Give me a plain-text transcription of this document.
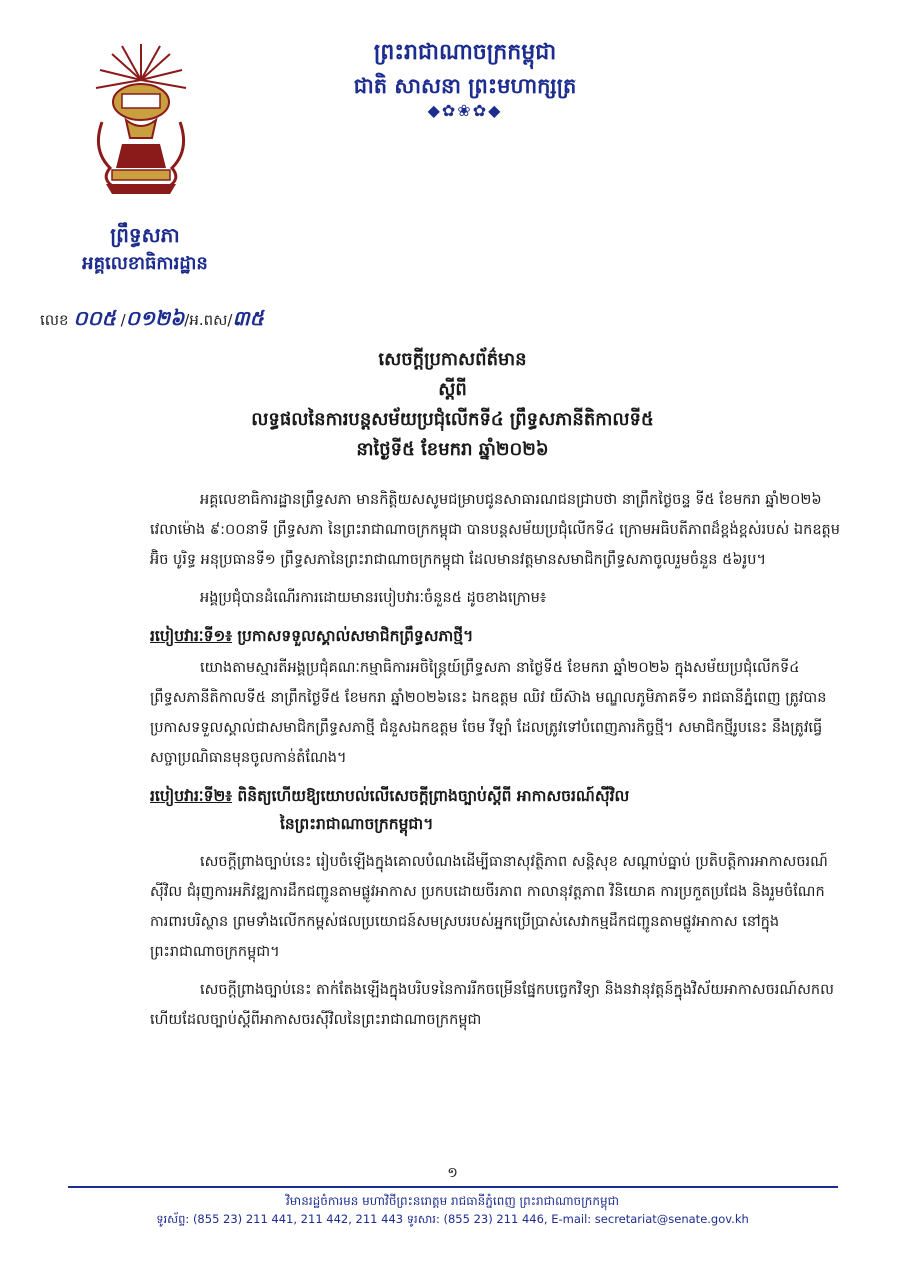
ព្រះរាជាណាចក្រកម្ពុជា
ជាតិ សាសនា ព្រះមហាក្សត្រ
◆✿❀✿◆
ព្រឹទ្ធសភា
អគ្គលេខាធិការដ្ឋាន
លេខ ០០៥ /០១២៦/អ.ពស/៣៥
សេចក្តីប្រកាសព័ត៌មាន
ស្តីពី
លទ្ធផលនៃការបន្តសម័យប្រជុំលើកទី៤ ព្រឹទ្ធសភានីតិកាលទី៥
នាថ្ងៃទី៥ ខែមករា ឆ្នាំ២០២៦

អគ្គលេខាធិការដ្ឋានព្រឹទ្ធសភា មានកិត្តិយសសូមជម្រាបជូនសាធារណជនជ្រាបថា នាព្រឹកថ្ងៃចន្ទ ទី៥ ខែមករា ឆ្នាំ២០២៦ វេលាម៉ោង ៩:០០នាទី ព្រឹទ្ធសភា នៃព្រះរាជាណាចក្រកម្ពុជា បានបន្តសម័យប្រជុំលើកទី៤ ក្រោមអធិបតីភាពដ៏ខ្ពង់ខ្ពស់របស់ ឯកឧត្តម អ៊ិច បូរិទ្ធ អនុប្រធានទី១ ព្រឹទ្ធសភានៃព្រះរាជាណាចក្រកម្ពុជា ដែលមានវត្តមានសមាជិកព្រឹទ្ធសភាចូលរួមចំនួន ៥៦រូប។

អង្គប្រជុំបានដំណើរការដោយមានរបៀបវារៈចំនួន៥ ដូចខាងក្រោម៖

របៀបវារៈទី១៖ ប្រកាសទទួលស្គាល់សមាជិកព្រឹទ្ធសភាថ្មី។

យោងតាមស្មារតីអង្គប្រជុំគណៈកម្មាធិការអចិន្ត្រៃយ៍ព្រឹទ្ធសភា នាថ្ងៃទី៥ ខែមករា ឆ្នាំ២០២៦ ក្នុងសម័យប្រជុំលើកទី៤ ព្រឹទ្ធសភានីតិកាលទី៥ នាព្រឹកថ្ងៃទី៥ ខែមករា ឆ្នាំ២០២៦នេះ ឯកឧត្តម ឈិវ យីស៊ាង មណ្ឌលភូមិភាគទី១ រាជធានីភ្នំពេញ ត្រូវបានប្រកាសទទួលស្គាល់ជាសមាជិកព្រឹទ្ធសភាថ្មី ជំនួសឯកឧត្តម ចែម វីឡាំ ដែលត្រូវទៅបំពេញភារកិច្ចថ្មី។ សមាជិកថ្មីរូបនេះ នឹងត្រូវធ្វើសច្ចាប្រណិធានមុនចូលកាន់តំណែង។

របៀបវារៈទី២៖ ពិនិត្យហើយឱ្យយោបល់លើសេចក្តីព្រាងច្បាប់ស្តីពី អាកាសចរណ៍ស៊ីវិល

នៃព្រះរាជាណាចក្រកម្ពុជា។

សេចក្តីព្រាងច្បាប់នេះ រៀបចំឡើងក្នុងគោលបំណងដើម្បីធានាសុវត្ថិភាព សន្តិសុខ សណ្តាប់ធ្នាប់ ប្រតិបត្តិការអាកាសចរណ៍ស៊ីវិល ជំរុញការអភិវឌ្ឍការដឹកជញ្ជូនតាមផ្លូវអាកាស ប្រកបដោយចីរភាព កាលានុវត្តភាព វិនិយោគ ការប្រកួតប្រជែង និងរួមចំណែកការពារបរិស្ថាន ព្រមទាំងលើកកម្ពស់ផលប្រយោជន៍សមស្របរបស់អ្នកប្រើប្រាស់សេវាកម្មដឹកជញ្ជូនតាមផ្លូវអាកាស នៅក្នុងព្រះរាជាណាចក្រកម្ពុជា។

សេចក្តីព្រាងច្បាប់នេះ តាក់តែងឡើងក្នុងបរិបទនៃការរីកចម្រើនផ្នែកបច្ចេកវិទ្យា និងនវានុវត្តន៍ក្នុងវិស័យអាកាសចរណ៍សកល ហើយដែលច្បាប់ស្តីពីអាកាសចរស៊ីវិលនៃព្រះរាជាណាចក្រកម្ពុជា

១
វិមានរដ្ឋចំការមន មហាវិថីព្រះនរោត្តម រាជធានីភ្នំពេញ ព្រះរាជាណាចក្រកម្ពុជា
ទូរស័ព្ទ: (855 23) 211 441, 211 442, 211 443 ទូរសារ: (855 23) 211 446, E-mail: secretariat@senate.gov.kh
